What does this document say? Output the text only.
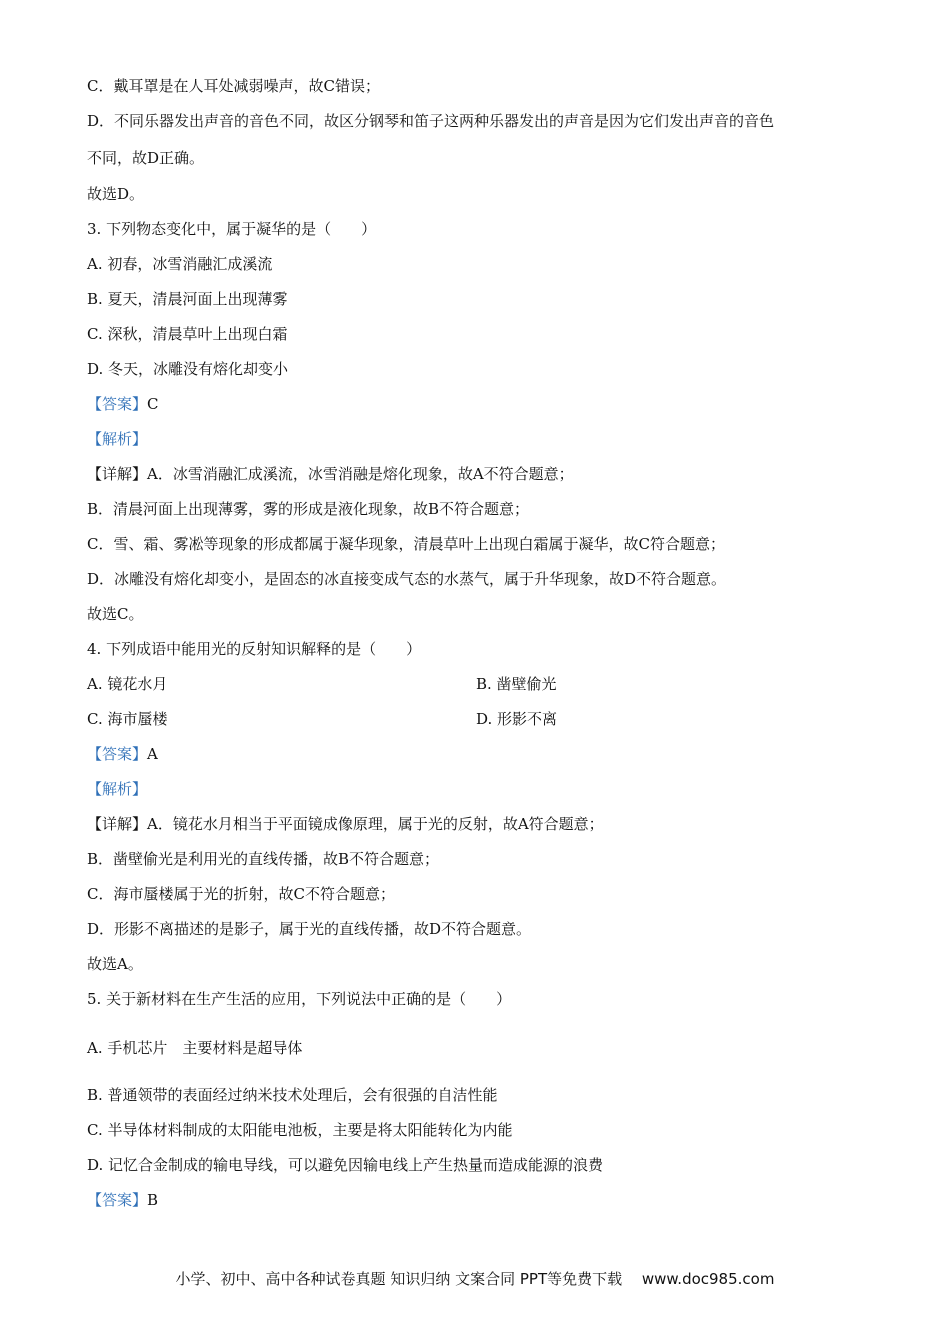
C．戴耳罩是在人耳处减弱噪声，故C错误；
D．不同乐器发出声音的音色不同，故区分钢琴和笛子这两种乐器发出的声音是因为它们发出声音的音色
不同，故D正确。
故选D。
3. 下列物态变化中，属于凝华的是（　　）
A. 初春，冰雪消融汇成溪流
B. 夏天，清晨河面上出现薄雾
C. 深秋，清晨草叶上出现白霜
D. 冬天，冰雕没有熔化却变小
【答案】C
【解析】
【详解】A．冰雪消融汇成溪流，冰雪消融是熔化现象，故A不符合题意；
B．清晨河面上出现薄雾，雾的形成是液化现象，故B不符合题意；
C．雪、霜、雾凇等现象的形成都属于凝华现象，清晨草叶上出现白霜属于凝华，故C符合题意；
D．冰雕没有熔化却变小，是固态的冰直接变成气态的水蒸气，属于升华现象，故D不符合题意。
故选C。
4. 下列成语中能用光的反射知识解释的是（　　）
A. 镜花水月	B. 凿壁偷光
C. 海市蜃楼	D. 形影不离
【答案】A
【解析】
【详解】A．镜花水月相当于平面镜成像原理，属于光的反射，故A符合题意；
B．凿壁偷光是利用光的直线传播，故B不符合题意；
C．海市蜃楼属于光的折射，故C不符合题意；
D．形影不离描述的是影子，属于光的直线传播，故D不符合题意。
故选A。
5. 关于新材料在生产生活的应用，下列说法中正确的是（　　）
A. 手机芯片　主要材料是超导体
B. 普通领带的表面经过纳米技术处理后，会有很强的自洁性能
C. 半导体材料制成的太阳能电池板，主要是将太阳能转化为内能
D. 记忆合金制成的输电导线，可以避免因输电线上产生热量而造成能源的浪费
【答案】B
小学、初中、高中各种试卷真题 知识归纳 文案合同 PPT等免费下载　 www.doc985.com
